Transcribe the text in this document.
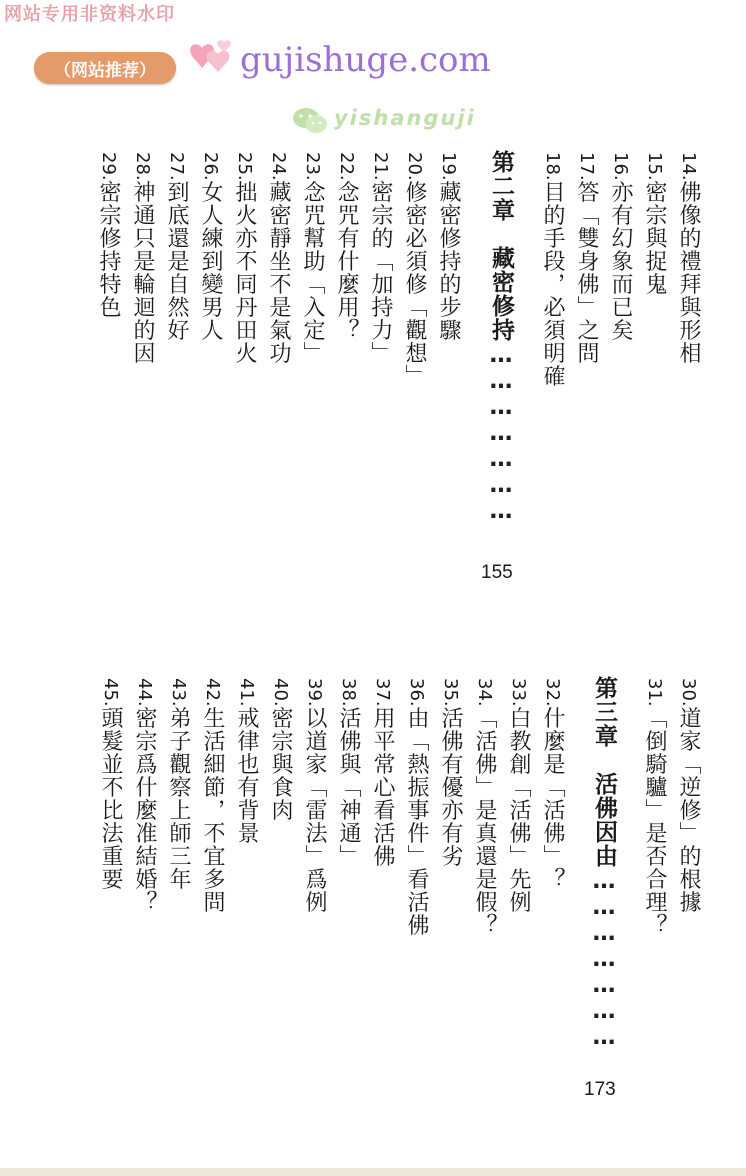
网站专用非资料水印
（网站推荐）	gujishuge.com
yishanguji
14.佛像的禮拜與形相
15.密宗與捉鬼
16.亦有幻象而已矣
17.答「雙身佛」之問
18.目的手段，必須明確
第二章　藏密修持…………………
155
19.藏密修持的步驟
20.修密必須修「觀想」
21.密宗的「加持力」
22.念咒有什麼用？
23.念咒幫助「入定」
24.藏密靜坐不是氣功
25.拙火亦不同丹田火
26.女人練到變男人
27.到底還是自然好
28.神通只是輪迴的因
29.密宗修持特色
30.道家「逆修」的根據
31.「倒騎驢」是否合理？
第三章　活佛因由…………………
173
32.什麼是「活佛」？
33.白教創「活佛」先例
34.「活佛」是真還是假？
35.活佛有優亦有劣
36.由「熱振事件」看活佛
37.用平常心看活佛
38.活佛與「神通」
39.以道家「雷法」爲例
40.密宗與食肉
41.戒律也有背景
42.生活細節，不宜多問
43.弟子觀察上師三年
44.密宗爲什麼准結婚？
45.頭髮並不比法重要
